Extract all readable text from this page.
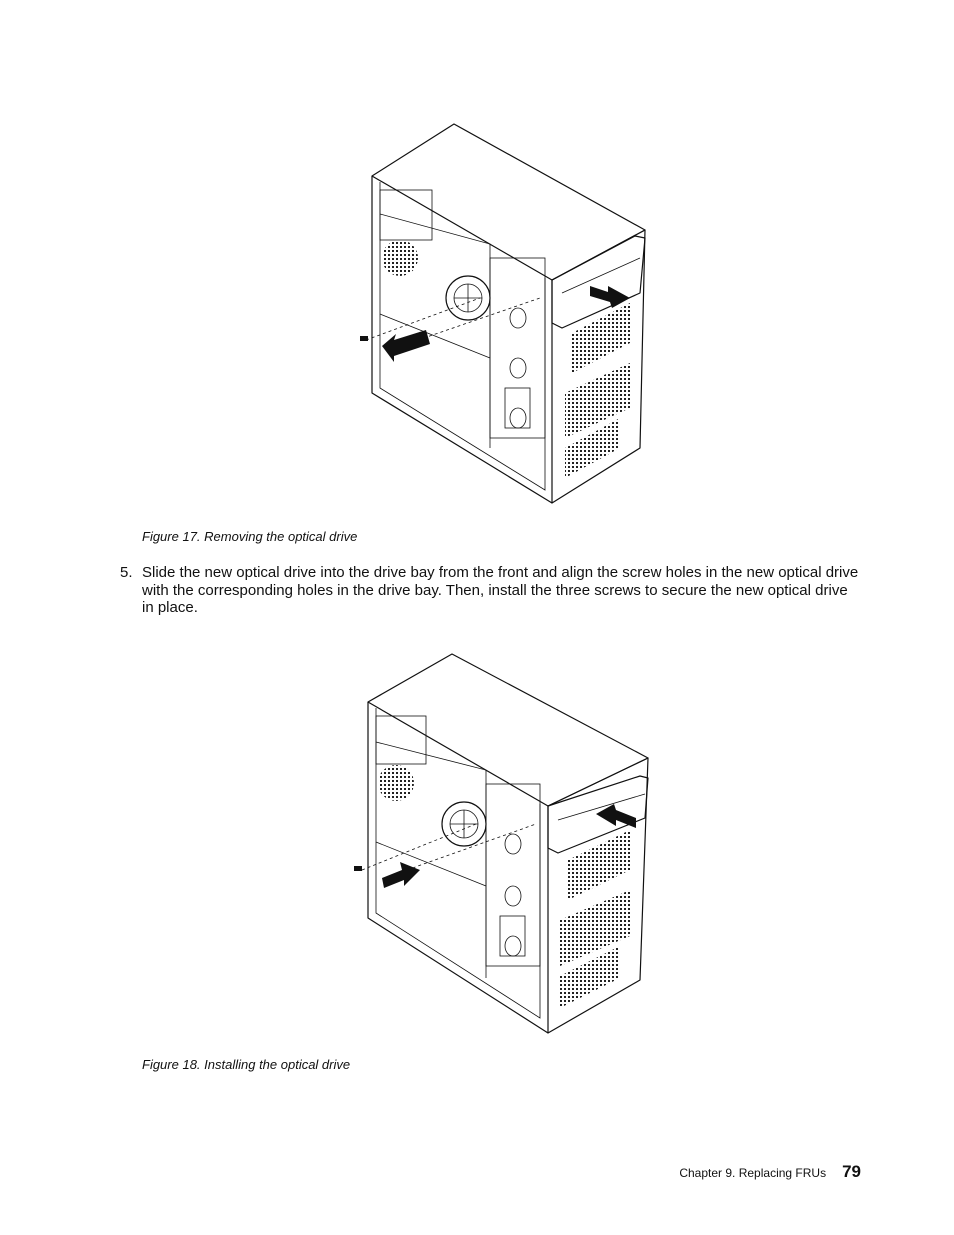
Figure 17. Removing the optical drive

5. Slide the new optical drive into the drive bay from the front and align the screw holes in the new optical drive with the corresponding holes in the drive bay. Then, install the three screws to secure the new optical drive in place.

Figure 18. Installing the optical drive

Chapter 9. Replacing FRUs 79
